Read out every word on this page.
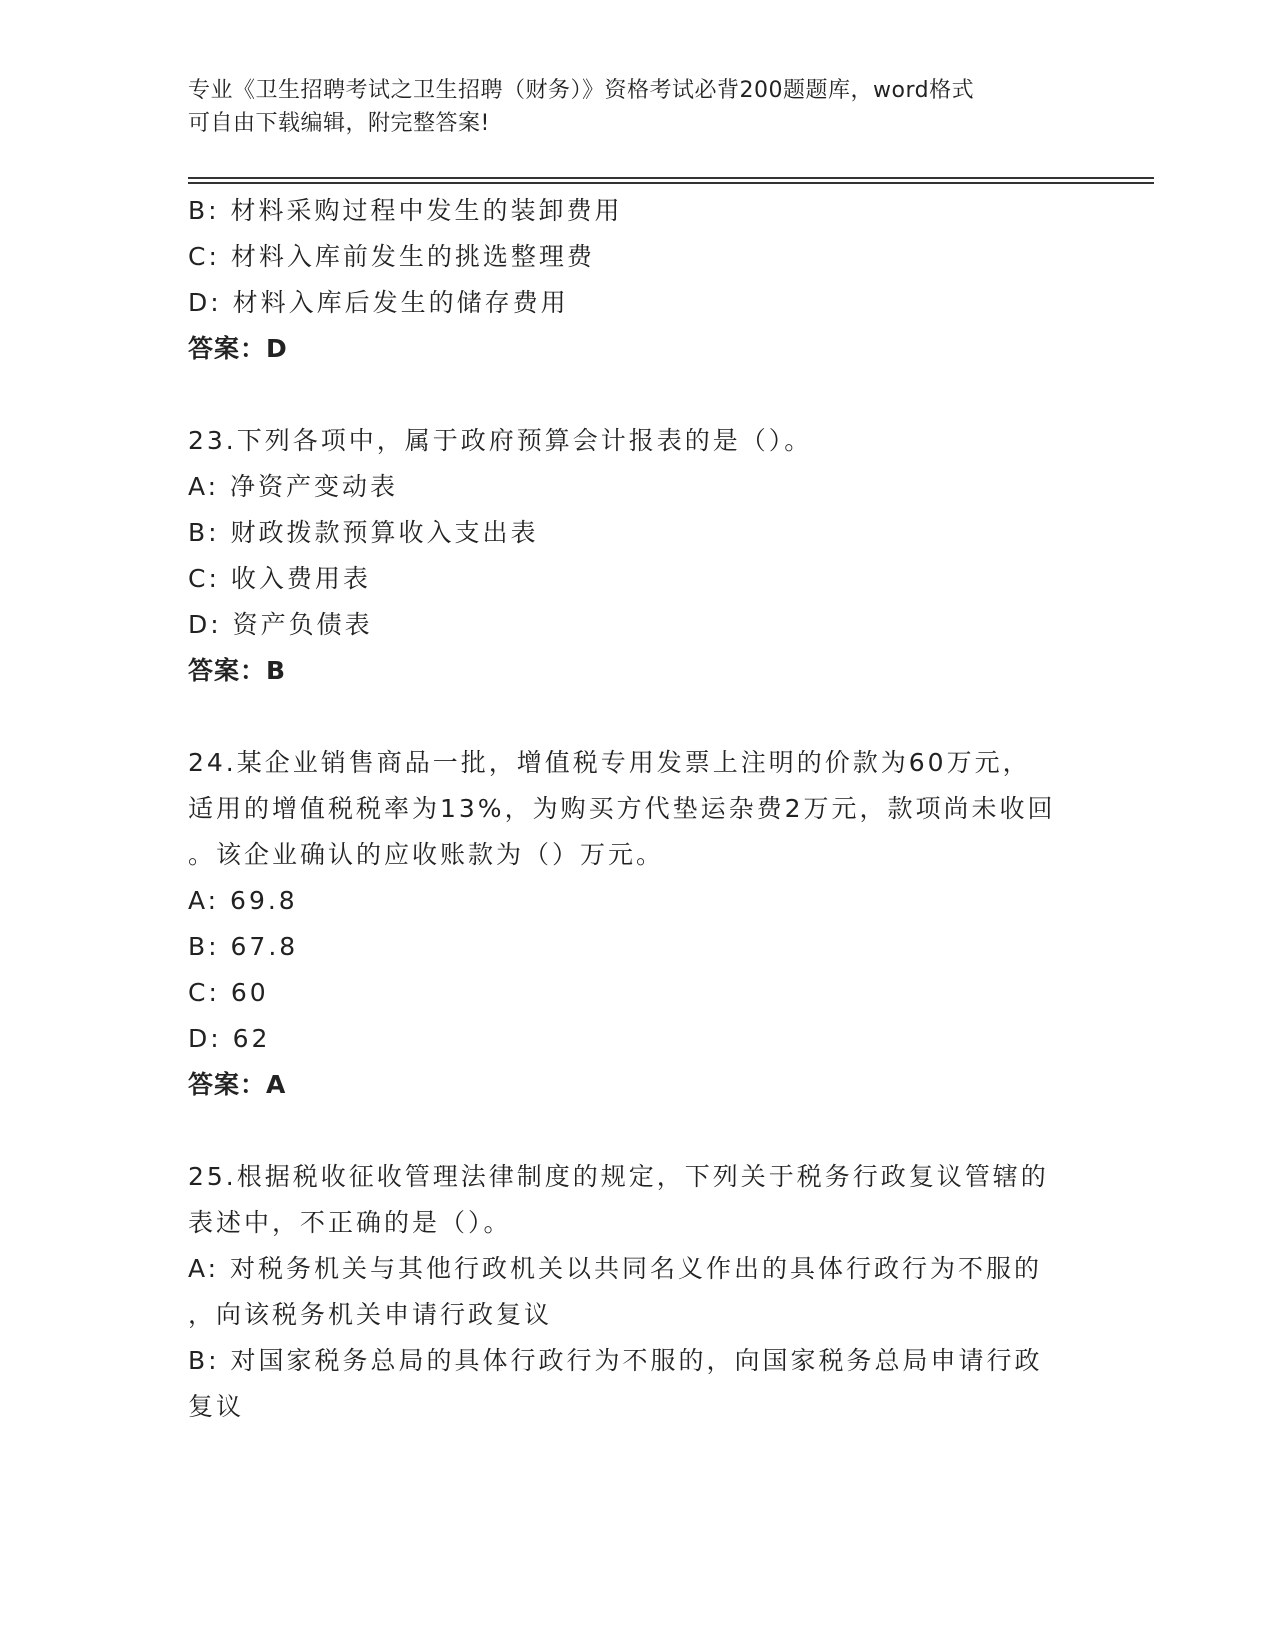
专业《卫生招聘考试之卫生招聘（财务）》资格考试必背200题题库，word格式
可自由下载编辑，附完整答案!
B: 材料采购过程中发生的装卸费用
C: 材料入库前发生的挑选整理费
D: 材料入库后发生的储存费用
答案：D
23.下列各项中，属于政府预算会计报表的是（）。
A: 净资产变动表
B: 财政拨款预算收入支出表
C: 收入费用表
D: 资产负债表
答案：B
24.某企业销售商品一批，增值税专用发票上注明的价款为60万元，
适用的增值税税率为13%，为购买方代垫运杂费2万元，款项尚未收回
。该企业确认的应收账款为（）万元。
A: 69.8
B: 67.8
C: 60
D: 62
答案：A
25.根据税收征收管理法律制度的规定，下列关于税务行政复议管辖的
表述中，不正确的是（）。
A: 对税务机关与其他行政机关以共同名义作出的具体行政行为不服的
，向该税务机关申请行政复议
B: 对国家税务总局的具体行政行为不服的，向国家税务总局申请行政
复议
